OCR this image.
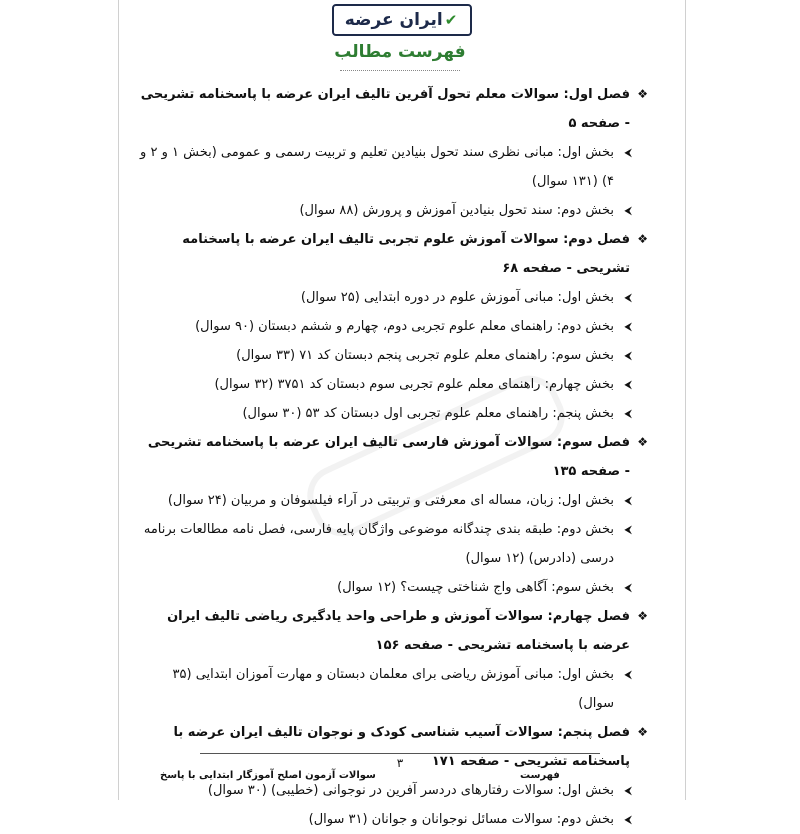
ایران عرضه ✔
فهرست مطالب
❖
فصل اول: سوالات معلم تحول آفرین تالیف ایران عرضه با پاسخنامه تشریحی - صفحه ۵
⮜
بخش اول: مبانی نظری سند تحول بنیادین تعلیم و تربیت رسمی و عمومی (بخش ۱ و ۲ و ۴) (۱۳۱ سوال)
⮜
بخش دوم: سند تحول بنیادین آموزش و پرورش (۸۸ سوال)
❖
فصل دوم: سوالات آموزش علوم تجربی تالیف ایران عرضه با پاسخنامه تشریحی - صفحه ۶۸
⮜
بخش اول: مبانی آموزش علوم در دوره ابتدایی (۲۵ سوال)
⮜
بخش دوم: راهنمای معلم علوم تجربی دوم، چهارم و ششم دبستان (۹۰ سوال)
⮜
بخش سوم: راهنمای معلم علوم تجربی پنجم دبستان کد ۷۱ (۳۳ سوال)
⮜
بخش چهارم: راهنمای معلم علوم تجربی سوم دبستان کد ۳۷۵۱ (۳۲ سوال)
⮜
بخش پنجم: راهنمای معلم علوم تجربی اول دبستان کد ۵۳ (۳۰ سوال)
❖
فصل سوم: سوالات آموزش فارسی تالیف ایران عرضه با پاسخنامه تشریحی - صفحه ۱۳۵
⮜
بخش اول: زبان، مساله ای معرفتی و تربیتی در آراء فیلسوفان و مربیان (۲۴ سوال)
⮜
بخش دوم: طبقه بندی چندگانه موضوعی واژگان پایه فارسی، فصل نامه مطالعات برنامه درسی (دادرس) (۱۲ سوال)
⮜
بخش سوم: آگاهی واج شناختی چیست؟ (۱۲ سوال)
❖
فصل چهارم: سوالات آموزش و طراحی واحد یادگیری ریاضی تالیف ایران عرضه با پاسخنامه تشریحی - صفحه ۱۵۶
⮜
بخش اول: مبانی آموزش ریاضی برای معلمان دبستان و مهارت آموزان ابتدایی (۳۵ سوال)
❖
فصل پنجم: سوالات آسیب شناسی کودک و نوجوان تالیف ایران عرضه با پاسخنامه تشریحی - صفحه ۱۷۱
⮜
بخش اول: سوالات رفتارهای دردسر آفرین در نوجوانی (خطیبی) (۳۰ سوال)
⮜
بخش دوم: سوالات مسائل نوجوانان و جوانان (۳۱ سوال)
۳
سوالات آزمون اصلح آموزگار ابتدایی با پاسخ	فهرست
